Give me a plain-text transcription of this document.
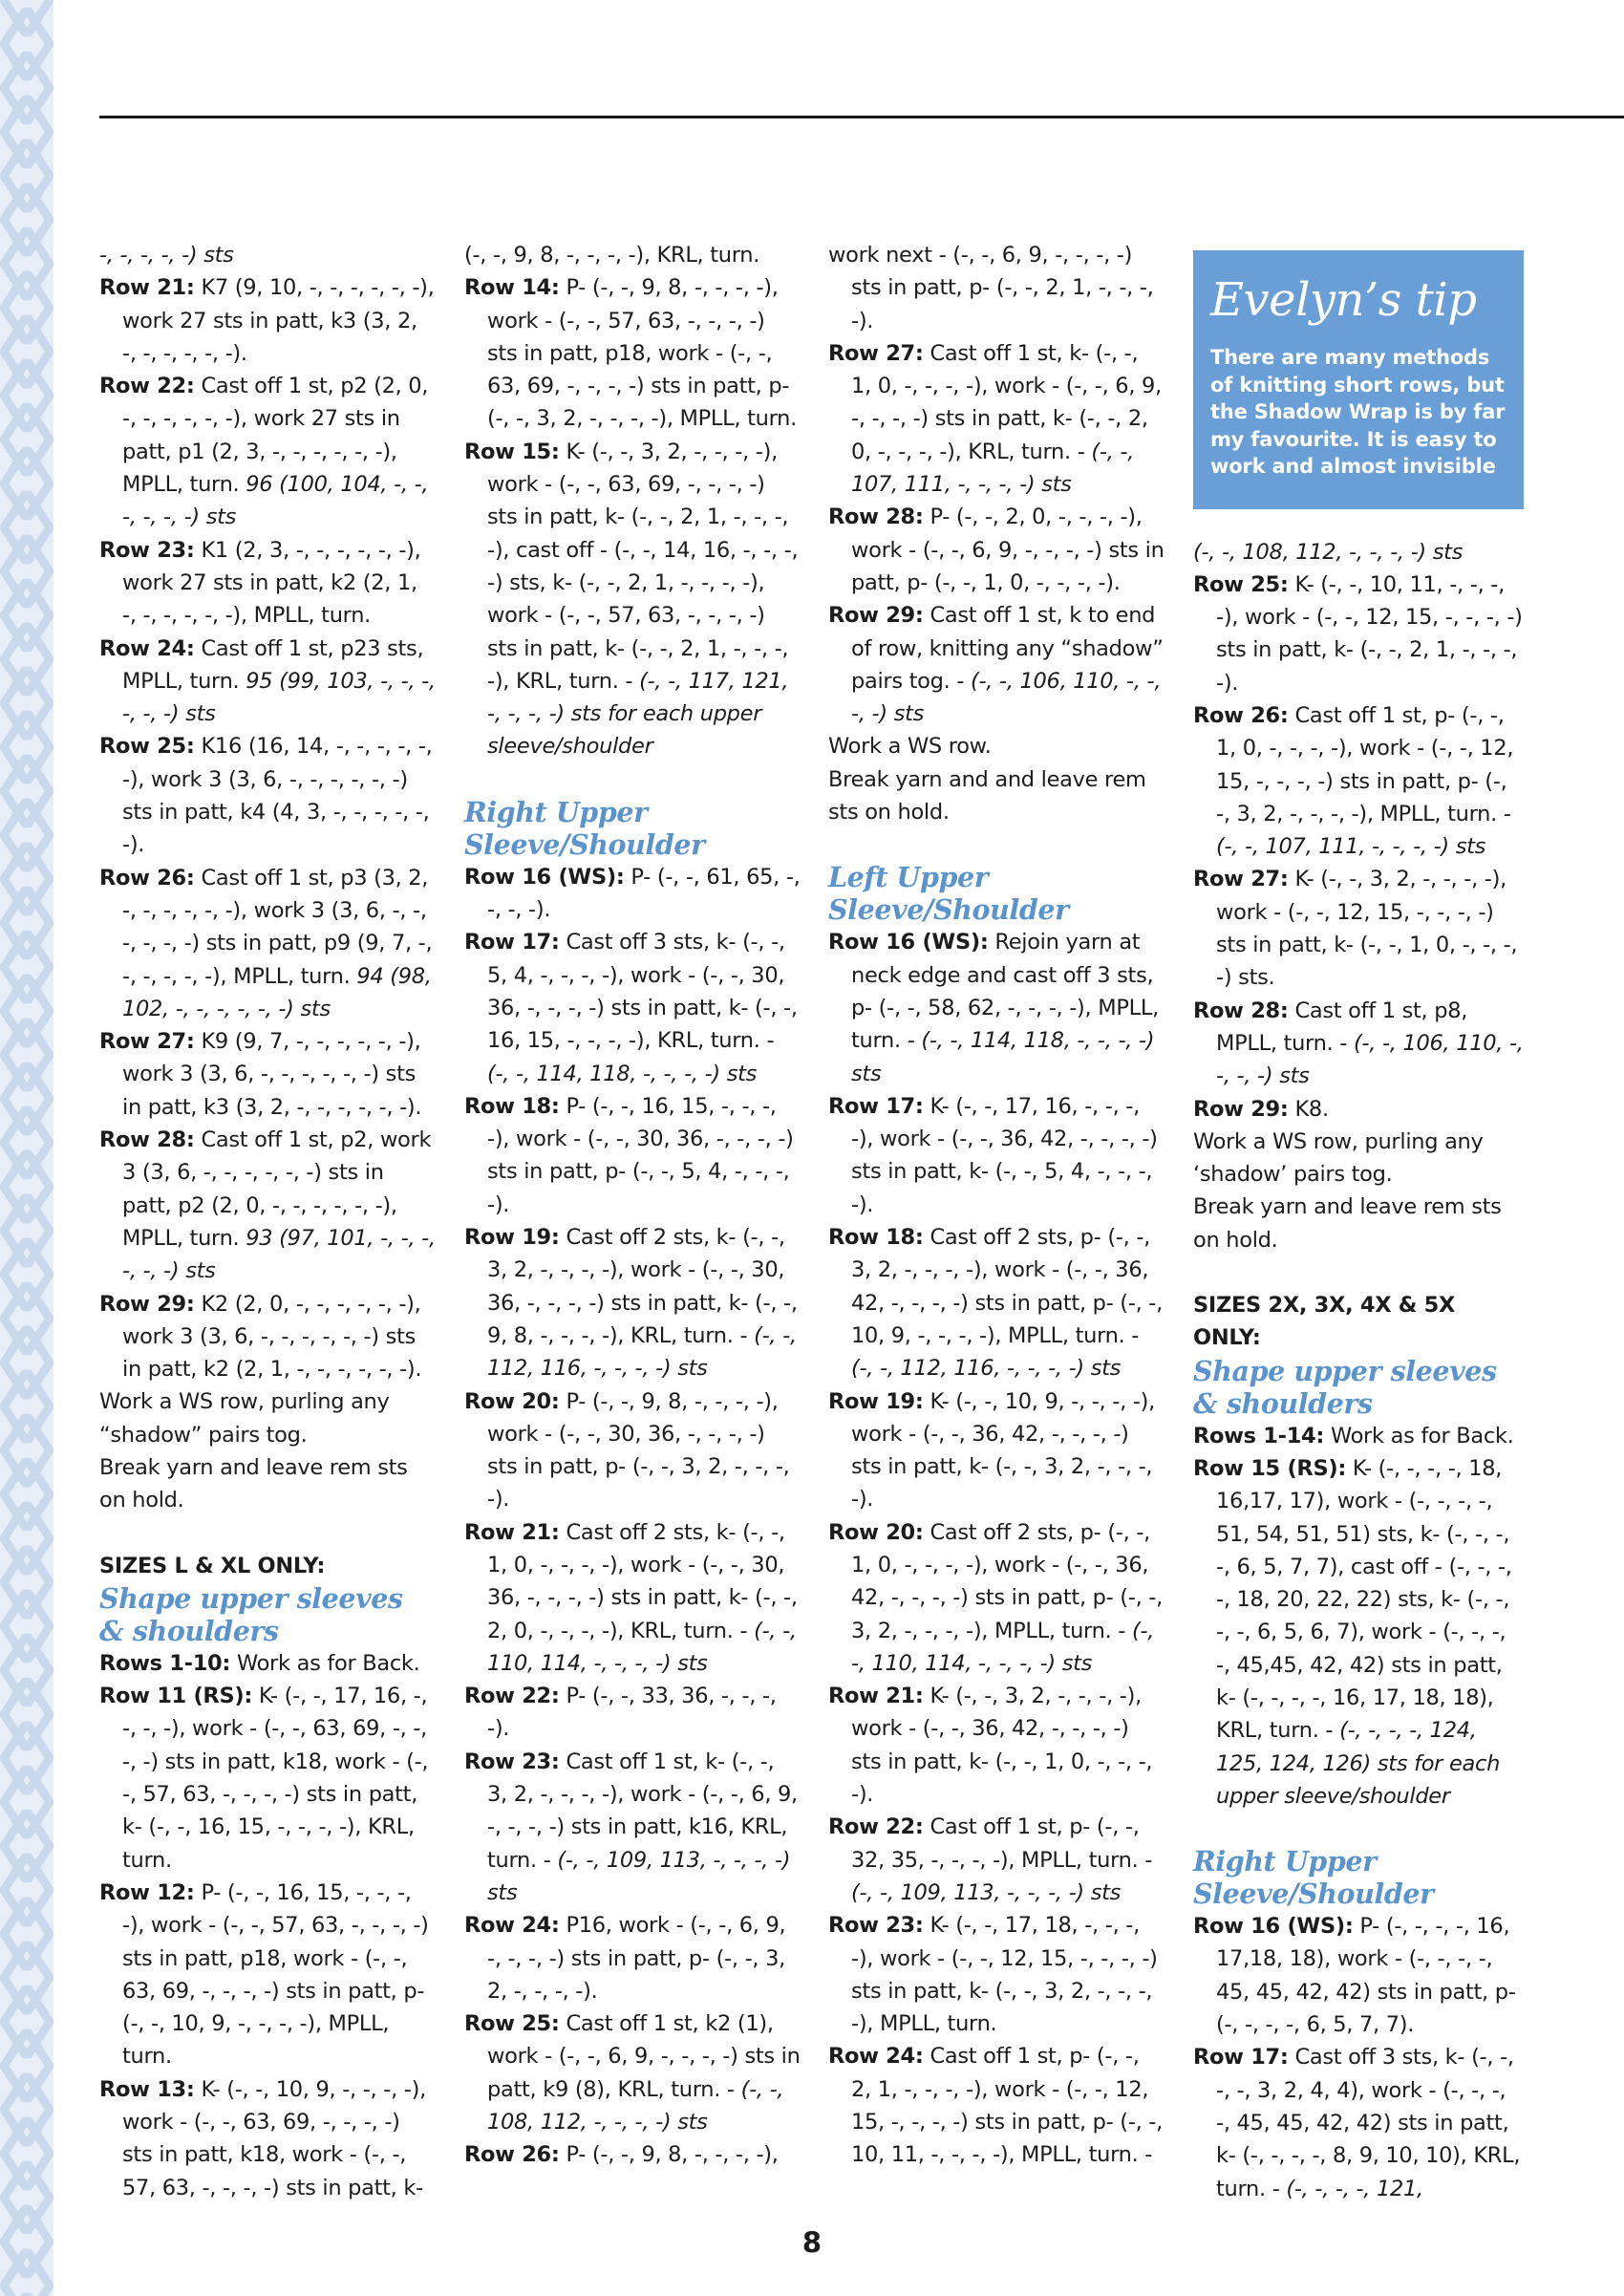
-, -, -, -, -) sts

Row 21: K7 (9, 10, -, -, -, -, -, -), work 27 sts in patt, k3 (3, 2, -, -, -, -, -, -).

Row 22: Cast off 1 st, p2 (2, 0, -, -, -, -, -, -), work 27 sts in patt, p1 (2, 3, -, -, -, -, -, -), MPLL, turn. 96 (100, 104, -, -, -, -, -, -) sts

Row 23: K1 (2, 3, -, -, -, -, -, -), work 27 sts in patt, k2 (2, 1, -, -, -, -, -, -), MPLL, turn.

Row 24: Cast off 1 st, p23 sts, MPLL, turn. 95 (99, 103, -, -, -, -, -, -) sts

Row 25: K16 (16, 14, -, -, -, -, -, -), work 3 (3, 6, -, -, -, -, -, -) sts in patt, k4 (4, 3, -, -, -, -, -, -).

Row 26: Cast off 1 st, p3 (3, 2, -, -, -, -, -, -), work 3 (3, 6, -, -, -, -, -, -) sts in patt, p9 (9, 7, -, -, -, -, -, -), MPLL, turn. 94 (98, 102, -, -, -, -, -, -) sts

Row 27: K9 (9, 7, -, -, -, -, -, -), work 3 (3, 6, -, -, -, -, -, -) sts in patt, k3 (3, 2, -, -, -, -, -, -).

Row 28: Cast off 1 st, p2, work 3 (3, 6, -, -, -, -, -, -) sts in patt, p2 (2, 0, -, -, -, -, -, -), MPLL, turn. 93 (97, 101, -, -, -, -, -, -) sts

Row 29: K2 (2, 0, -, -, -, -, -, -), work 3 (3, 6, -, -, -, -, -, -) sts in patt, k2 (2, 1, -, -, -, -, -, -).

Work a WS row, purling any “shadow” pairs tog.

Break yarn and leave rem sts on hold.

SIZES L & XL ONLY:

Shape upper sleeves & shoulders

Rows 1-10: Work as for Back.

Row 11 (RS): K- (-, -, 17, 16, -, -, -, -), work - (-, -, 63, 69, -, -, -, -) sts in patt, k18, work - (-, -, 57, 63, -, -, -, -) sts in patt, k- (-, -, 16, 15, -, -, -, -), KRL, turn.

Row 12: P- (-, -, 16, 15, -, -, -, -), work - (-, -, 57, 63, -, -, -, -) sts in patt, p18, work - (-, -, 63, 69, -, -, -, -) sts in patt, p- (-, -, 10, 9, -, -, -, -), MPLL, turn.

Row 13: K- (-, -, 10, 9, -, -, -, -), work - (-, -, 63, 69, -, -, -, -) sts in patt, k18, work - (-, -, 57, 63, -, -, -, -) sts in patt, k-

(-, -, 9, 8, -, -, -, -), KRL, turn.

Row 14: P- (-, -, 9, 8, -, -, -, -), work - (-, -, 57, 63, -, -, -, -) sts in patt, p18, work - (-, -, 63, 69, -, -, -, -) sts in patt, p- (-, -, 3, 2, -, -, -, -), MPLL, turn.

Row 15: K- (-, -, 3, 2, -, -, -, -), work - (-, -, 63, 69, -, -, -, -) sts in patt, k- (-, -, 2, 1, -, -, -, -), cast off - (-, -, 14, 16, -, -, -, -) sts, k- (-, -, 2, 1, -, -, -, -), work - (-, -, 57, 63, -, -, -, -) sts in patt, k- (-, -, 2, 1, -, -, -, -), KRL, turn. - (-, -, 117, 121, -, -, -, -) sts for each upper sleeve/shoulder

Right Upper Sleeve/Shoulder

Row 16 (WS): P- (-, -, 61, 65, -, -, -, -).

Row 17: Cast off 3 sts, k- (-, -, 5, 4, -, -, -, -), work - (-, -, 30, 36, -, -, -, -) sts in patt, k- (-, -, 16, 15, -, -, -, -), KRL, turn. - (-, -, 114, 118, -, -, -, -) sts

Row 18: P- (-, -, 16, 15, -, -, -, -), work - (-, -, 30, 36, -, -, -, -) sts in patt, p- (-, -, 5, 4, -, -, -, -).

Row 19: Cast off 2 sts, k- (-, -, 3, 2, -, -, -, -), work - (-, -, 30, 36, -, -, -, -) sts in patt, k- (-, -, 9, 8, -, -, -, -), KRL, turn. - (-, -, 112, 116, -, -, -, -) sts

Row 20: P- (-, -, 9, 8, -, -, -, -), work - (-, -, 30, 36, -, -, -, -) sts in patt, p- (-, -, 3, 2, -, -, -, -).

Row 21: Cast off 2 sts, k- (-, -, 1, 0, -, -, -, -), work - (-, -, 30, 36, -, -, -, -) sts in patt, k- (-, -, 2, 0, -, -, -, -), KRL, turn. - (-, -, 110, 114, -, -, -, -) sts

Row 22: P- (-, -, 33, 36, -, -, -, -).

Row 23: Cast off 1 st, k- (-, -, 3, 2, -, -, -, -), work - (-, -, 6, 9, -, -, -, -) sts in patt, k16, KRL, turn. - (-, -, 109, 113, -, -, -, -) sts

Row 24: P16, work - (-, -, 6, 9, -, -, -, -) sts in patt, p- (-, -, 3, 2, -, -, -, -).

Row 25: Cast off 1 st, k2 (1), work - (-, -, 6, 9, -, -, -, -) sts in patt, k9 (8), KRL, turn. - (-, -, 108, 112, -, -, -, -) sts

Row 26: P- (-, -, 9, 8, -, -, -, -),

work next - (-, -, 6, 9, -, -, -, -) sts in patt, p- (-, -, 2, 1, -, -, -, -).

Row 27: Cast off 1 st, k- (-, -, 1, 0, -, -, -, -), work - (-, -, 6, 9, -, -, -, -) sts in patt, k- (-, -, 2, 0, -, -, -, -), KRL, turn. - (-, -, 107, 111, -, -, -, -) sts

Row 28: P- (-, -, 2, 0, -, -, -, -), work - (-, -, 6, 9, -, -, -, -) sts in patt, p- (-, -, 1, 0, -, -, -, -).

Row 29: Cast off 1 st, k to end of row, knitting any “shadow” pairs tog. - (-, -, 106, 110, -, -, -, -) sts

Work a WS row.

Break yarn and and leave rem sts on hold.

Left Upper Sleeve/Shoulder

Row 16 (WS): Rejoin yarn at neck edge and cast off 3 sts, p- (-, -, 58, 62, -, -, -, -), MPLL, turn. - (-, -, 114, 118, -, -, -, -) sts

Row 17: K- (-, -, 17, 16, -, -, -, -), work - (-, -, 36, 42, -, -, -, -) sts in patt, k- (-, -, 5, 4, -, -, -, -).

Row 18: Cast off 2 sts, p- (-, -, 3, 2, -, -, -, -), work - (-, -, 36, 42, -, -, -, -) sts in patt, p- (-, -, 10, 9, -, -, -, -), MPLL, turn. - (-, -, 112, 116, -, -, -, -) sts

Row 19: K- (-, -, 10, 9, -, -, -, -), work - (-, -, 36, 42, -, -, -, -) sts in patt, k- (-, -, 3, 2, -, -, -, -).

Row 20: Cast off 2 sts, p- (-, -, 1, 0, -, -, -, -), work - (-, -, 36, 42, -, -, -, -) sts in patt, p- (-, -, 3, 2, -, -, -, -), MPLL, turn. - (-, -, 110, 114, -, -, -, -) sts

Row 21: K- (-, -, 3, 2, -, -, -, -), work - (-, -, 36, 42, -, -, -, -) sts in patt, k- (-, -, 1, 0, -, -, -, -).

Row 22: Cast off 1 st, p- (-, -, 32, 35, -, -, -, -), MPLL, turn. - (-, -, 109, 113, -, -, -, -) sts

Row 23: K- (-, -, 17, 18, -, -, -, -), work - (-, -, 12, 15, -, -, -, -) sts in patt, k- (-, -, 3, 2, -, -, -, -), MPLL, turn.

Row 24: Cast off 1 st, p- (-, -, 2, 1, -, -, -, -), work - (-, -, 12, 15, -, -, -, -) sts in patt, p- (-, -, 10, 11, -, -, -, -), MPLL, turn. -

Evelyn’s tip
There are many methods of knitting short rows, but the Shadow Wrap is by far my favourite. It is easy to work and almost invisible

(-, -, 108, 112, -, -, -, -) sts

Row 25: K- (-, -, 10, 11, -, -, -, -), work - (-, -, 12, 15, -, -, -, -) sts in patt, k- (-, -, 2, 1, -, -, -, -).

Row 26: Cast off 1 st, p- (-, -, 1, 0, -, -, -, -), work - (-, -, 12, 15, -, -, -, -) sts in patt, p- (-, -, 3, 2, -, -, -, -), MPLL, turn. - (-, -, 107, 111, -, -, -, -) sts

Row 27: K- (-, -, 3, 2, -, -, -, -), work - (-, -, 12, 15, -, -, -, -) sts in patt, k- (-, -, 1, 0, -, -, -, -) sts.

Row 28: Cast off 1 st, p8, MPLL, turn. - (-, -, 106, 110, -, -, -, -) sts

Row 29: K8.

Work a WS row, purling any ‘shadow’ pairs tog.

Break yarn and leave rem sts on hold.

SIZES 2X, 3X, 4X & 5X ONLY:

Shape upper sleeves & shoulders

Rows 1-14: Work as for Back.

Row 15 (RS): K- (-, -, -, -, 18, 16,17, 17), work - (-, -, -, -, 51, 54, 51, 51) sts, k- (-, -, -, -, 6, 5, 7, 7), cast off - (-, -, -, -, 18, 20, 22, 22) sts, k- (-, -, -, -, 6, 5, 6, 7), work - (-, -, -, -, 45,45, 42, 42) sts in patt, k- (-, -, -, -, 16, 17, 18, 18), KRL, turn. - (-, -, -, -, 124, 125, 124, 126) sts for each upper sleeve/shoulder

Right Upper Sleeve/Shoulder

Row 16 (WS): P- (-, -, -, -, 16, 17,18, 18), work - (-, -, -, -, 45, 45, 42, 42) sts in patt, p- (-, -, -, -, 6, 5, 7, 7).

Row 17: Cast off 3 sts, k- (-, -, -, -, 3, 2, 4, 4), work - (-, -, -, -, 45, 45, 42, 42) sts in patt, k- (-, -, -, -, 8, 9, 10, 10), KRL, turn. - (-, -, -, -, 121,

8
